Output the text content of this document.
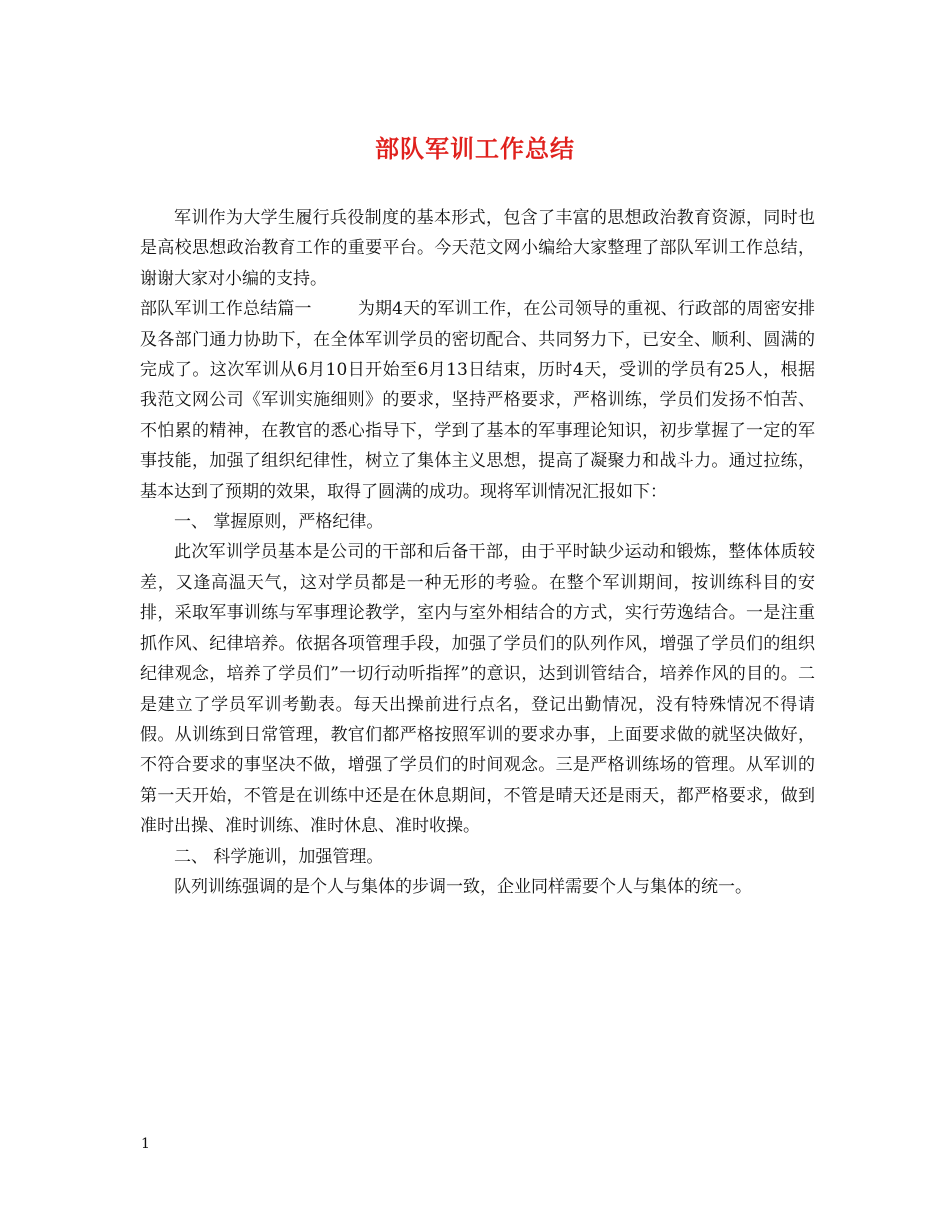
部队军训工作总结

军训作为大学生履行兵役制度的基本形式，包含了丰富的思想政治教育资源，同时也是高校思想政治教育工作的重要平台。今天范文网小编给大家整理了部队军训工作总结，谢谢大家对小编的支持。

部队军训工作总结篇一	为期4天的军训工作，在公司领导的重视、行政部的周密安排及各部门通力协助下，在全体军训学员的密切配合、共同努力下，已安全、顺利、圆满的完成了。这次军训从6月10日开始至6月13日结束，历时4天，受训的学员有25人，根据我范文网公司《军训实施细则》的要求，坚持严格要求，严格训练，学员们发扬不怕苦、不怕累的精神，在教官的悉心指导下，学到了基本的军事理论知识，初步掌握了一定的军事技能，加强了组织纪律性，树立了集体主义思想，提高了凝聚力和战斗力。通过拉练，基本达到了预期的效果，取得了圆满的成功。现将军训情况汇报如下：

一、 掌握原则，严格纪律。

此次军训学员基本是公司的干部和后备干部，由于平时缺少运动和锻炼，整体体质较差，又逢高温天气，这对学员都是一种无形的考验。在整个军训期间，按训练科目的安排，采取军事训练与军事理论教学，室内与室外相结合的方式，实行劳逸结合。一是注重抓作风、纪律培养。依据各项管理手段，加强了学员们的队列作风，增强了学员们的组织纪律观念，培养了学员们”一切行动听指挥”的意识，达到训管结合，培养作风的目的。二是建立了学员军训考勤表。每天出操前进行点名，登记出勤情况，没有特殊情况不得请假。从训练到日常管理，教官们都严格按照军训的要求办事，上面要求做的就坚决做好，不符合要求的事坚决不做，增强了学员们的时间观念。三是严格训练场的管理。从军训的第一天开始，不管是在训练中还是在休息期间，不管是晴天还是雨天，都严格要求，做到准时出操、准时训练、准时休息、准时收操。

二、 科学施训，加强管理。

队列训练强调的是个人与集体的步调一致，企业同样需要个人与集体的统一。

1
